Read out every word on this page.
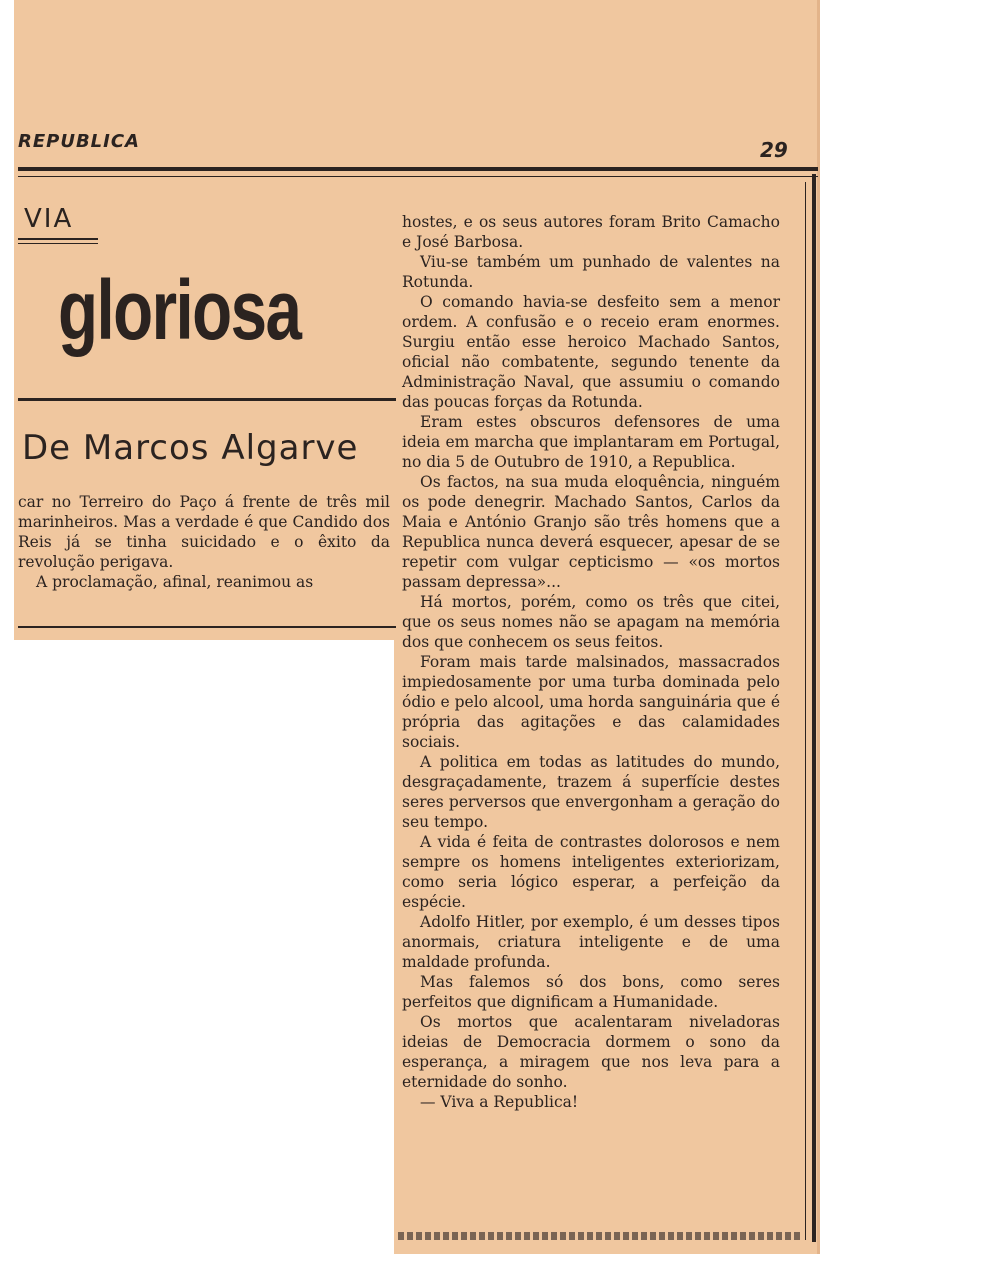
REPUBLICA	29
VIA
gloriosa
De Marcos Algarve

car no Terreiro do Paço á frente de três mil marinheiros. Mas a verdade é que Candido dos Reis já se tinha suicidado e o êxito da revolução perigava.

A proclamação, afinal, reanimou as

hostes, e os seus autores foram Brito Camacho e José Barbosa.

Viu-se também um punhado de valentes na Rotunda.

O comando havia-se desfeito sem a menor ordem. A confusão e o receio eram enormes. Surgiu então esse heroico Machado Santos, oficial não combatente, segundo tenente da Administração Naval, que assumiu o comando das poucas forças da Rotunda.

Eram estes obscuros defensores de uma ideia em marcha que implantaram em Portugal, no dia 5 de Outubro de 1910, a Republica.

Os factos, na sua muda eloquência, ninguém os pode denegrir. Machado Santos, Carlos da Maia e António Granjo são três homens que a Republica nunca deverá esquecer, apesar de se repetir com vulgar cepticismo — «os mortos passam depressa»...

Há mortos, porém, como os três que citei, que os seus nomes não se apagam na memória dos que conhecem os seus feitos.

Foram mais tarde malsinados, massacrados impiedosamente por uma turba dominada pelo ódio e pelo alcool, uma horda sanguinária que é própria das agitações e das calamidades sociais.

A politica em todas as latitudes do mundo, desgraçadamente, trazem á superfície destes seres perversos que envergonham a geração do seu tempo.

A vida é feita de contrastes dolorosos e nem sempre os homens inteligentes exteriorizam, como seria lógico esperar, a perfeição da espécie.

Adolfo Hitler, por exemplo, é um desses tipos anormais, criatura inteligente e de uma maldade profunda.

Mas falemos só dos bons, como seres perfeitos que dignificam a Humanidade.

Os mortos que acalentaram niveladoras ideias de Democracia dormem o sono da esperança, a miragem que nos leva para a eternidade do sonho.

— Viva a Republica!
